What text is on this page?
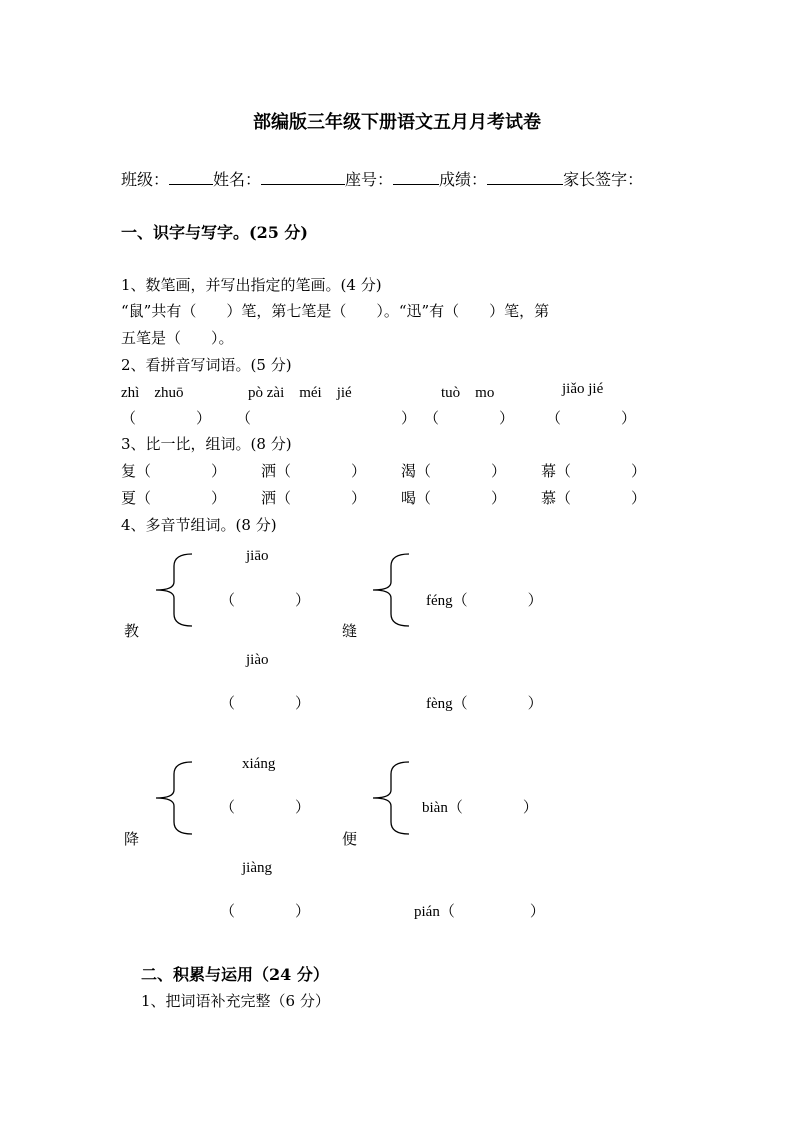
部编版三年级下册语文五月月考试卷
班级：	姓名：	座号：	成绩：	家长签字：
一、识字与写字。(25 分)
1、数笔画，并写出指定的笔画。(4 分)
“鼠”共有（　　）笔，第七笔是（　　）。“迅”有（　　）笔，第
五笔是（　　）。
2、看拼音写词语。(5 分)
zhì　zhuō	pò zài　méi　jié	tuò　mo	jiǎo jié
（　　　　） （　　　　　　　　　　） （　　　　） （　　　　）
3、比一比，组词。(8 分)
复（　　　　） 洒（　　　　） 渴（　　　　） 幕（　　　　）
夏（　　　　） 洒（　　　　） 喝（　　　　） 慕（　　　　）
4、多音节组词。(8 分)
jiāo
（　　　　）
教
jiào
（　　　　）
缝
féng（　　　　）
fèng（　　　　）
xiáng
（　　　　）
降
jiàng
（　　　　）
便
biàn（　　　　）
pián（　　　　　）
二、积累与运用（24 分）
1、把词语补充完整（6 分）
